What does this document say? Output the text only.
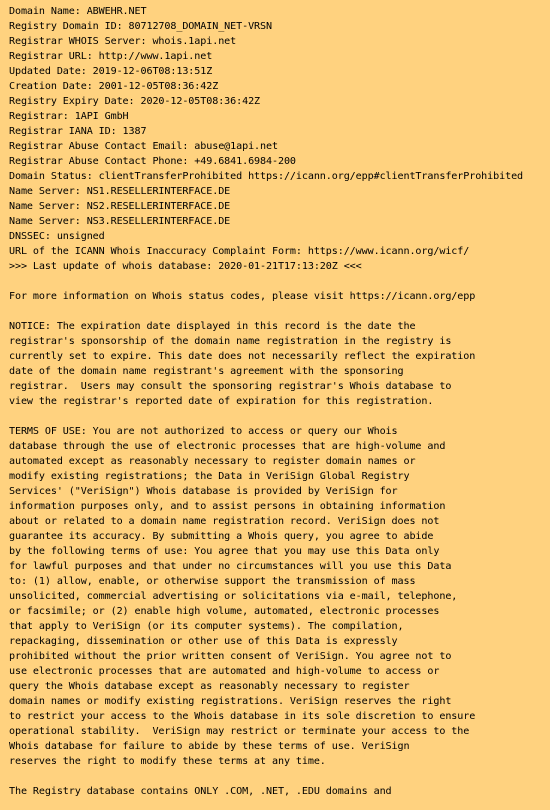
Domain Name: ABWEHR.NET
Registry Domain ID: 80712708_DOMAIN_NET-VRSN
Registrar WHOIS Server: whois.1api.net
Registrar URL: http://www.1api.net
Updated Date: 2019-12-06T08:13:51Z
Creation Date: 2001-12-05T08:36:42Z
Registry Expiry Date: 2020-12-05T08:36:42Z
Registrar: 1API GmbH
Registrar IANA ID: 1387
Registrar Abuse Contact Email: abuse@1api.net
Registrar Abuse Contact Phone: +49.6841.6984-200
Domain Status: clientTransferProhibited https://icann.org/epp#clientTransferProhibited
Name Server: NS1.RESELLERINTERFACE.DE
Name Server: NS2.RESELLERINTERFACE.DE
Name Server: NS3.RESELLERINTERFACE.DE
DNSSEC: unsigned
URL of the ICANN Whois Inaccuracy Complaint Form: https://www.icann.org/wicf/
>>> Last update of whois database: 2020-01-21T17:13:20Z <<<
For more information on Whois status codes, please visit https://icann.org/epp
NOTICE: The expiration date displayed in this record is the date the
registrar's sponsorship of the domain name registration in the registry is
currently set to expire. This date does not necessarily reflect the expiration
date of the domain name registrant's agreement with the sponsoring
registrar.  Users may consult the sponsoring registrar's Whois database to
view the registrar's reported date of expiration for this registration.
TERMS OF USE: You are not authorized to access or query our Whois
database through the use of electronic processes that are high-volume and
automated except as reasonably necessary to register domain names or
modify existing registrations; the Data in VeriSign Global Registry
Services' ("VeriSign") Whois database is provided by VeriSign for
information purposes only, and to assist persons in obtaining information
about or related to a domain name registration record. VeriSign does not
guarantee its accuracy. By submitting a Whois query, you agree to abide
by the following terms of use: You agree that you may use this Data only
for lawful purposes and that under no circumstances will you use this Data
to: (1) allow, enable, or otherwise support the transmission of mass
unsolicited, commercial advertising or solicitations via e-mail, telephone,
or facsimile; or (2) enable high volume, automated, electronic processes
that apply to VeriSign (or its computer systems). The compilation,
repackaging, dissemination or other use of this Data is expressly
prohibited without the prior written consent of VeriSign. You agree not to
use electronic processes that are automated and high-volume to access or
query the Whois database except as reasonably necessary to register
domain names or modify existing registrations. VeriSign reserves the right
to restrict your access to the Whois database in its sole discretion to ensure
operational stability.  VeriSign may restrict or terminate your access to the
Whois database for failure to abide by these terms of use. VeriSign
reserves the right to modify these terms at any time.
The Registry database contains ONLY .COM, .NET, .EDU domains and
